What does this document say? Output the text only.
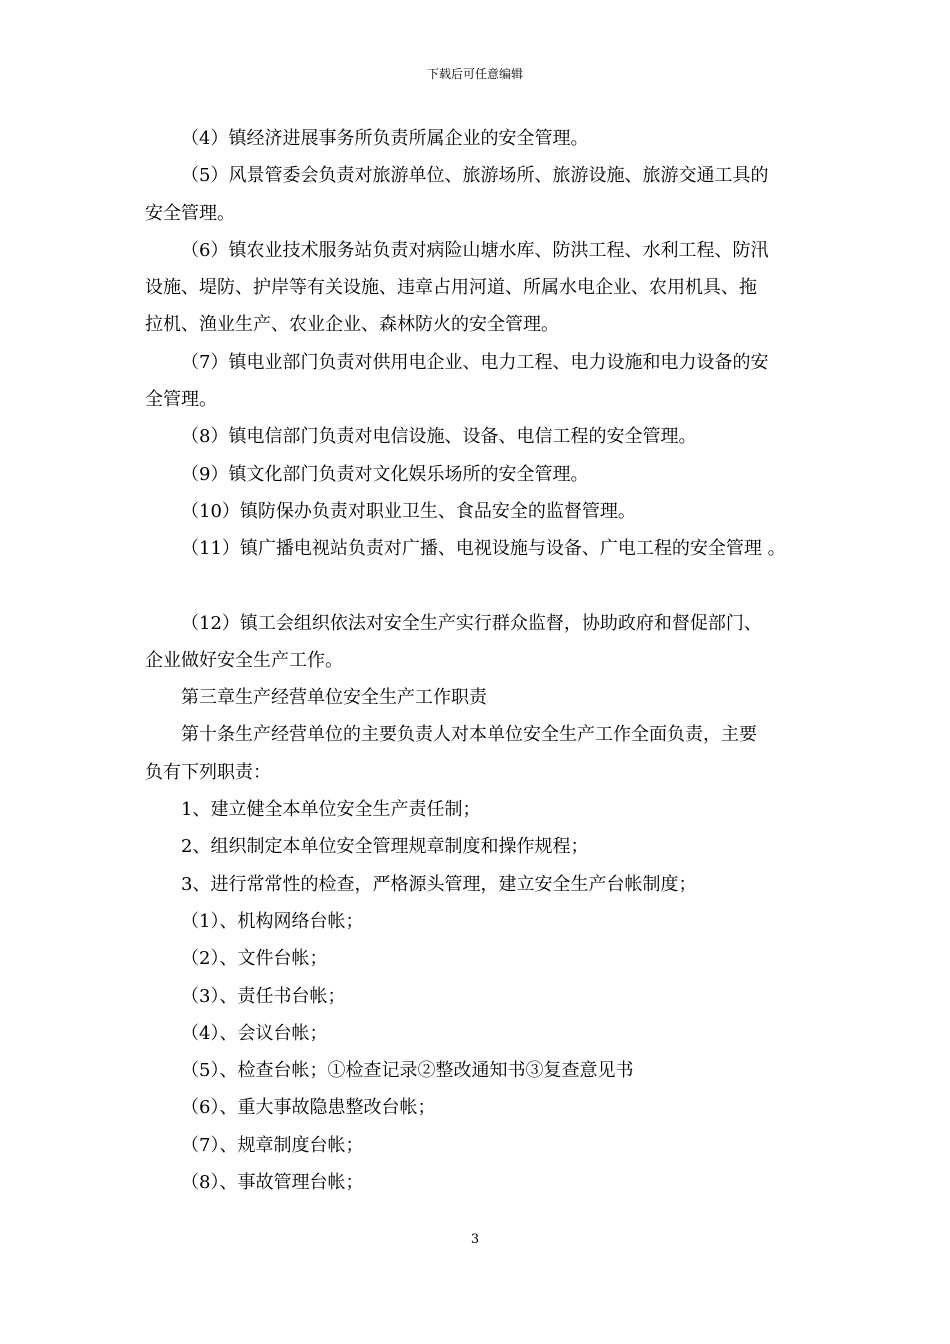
下载后可任意编辑

（4）镇经济进展事务所负责所属企业的安全管理。

（5）风景管委会负责对旅游单位、旅游场所、旅游设施、旅游交通工具的

安全管理。

（6）镇农业技术服务站负责对病险山塘水库、防洪工程、水利工程、防汛

设施、堤防、护岸等有关设施、违章占用河道、所属水电企业、农用机具、拖

拉机、渔业生产、农业企业、森林防火的安全管理。

（7）镇电业部门负责对供用电企业、电力工程、电力设施和电力设备的安

全管理。

（8）镇电信部门负责对电信设施、设备、电信工程的安全管理。

（9）镇文化部门负责对文化娱乐场所的安全管理。

（10）镇防保办负责对职业卫生、食品安全的监督管理。

（11）镇广播电视站负责对广播、电视设施与设备、广电工程的安全管理 。

（12）镇工会组织依法对安全生产实行群众监督，协助政府和督促部门、

企业做好安全生产工作。

第三章生产经营单位安全生产工作职责

第十条生产经营单位的主要负责人对本单位安全生产工作全面负责，主要

负有下列职责：

1、建立健全本单位安全生产责任制；

2、组织制定本单位安全管理规章制度和操作规程；

3、进行常常性的检查，严格源头管理，建立安全生产台帐制度；

（1）、机构网络台帐；

（2）、文件台帐；

（3）、责任书台帐；

（4）、会议台帐；

（5）、检查台帐；①检查记录②整改通知书③复查意见书

（6）、重大事故隐患整改台帐；

（7）、规章制度台帐；

（8）、事故管理台帐；

3
